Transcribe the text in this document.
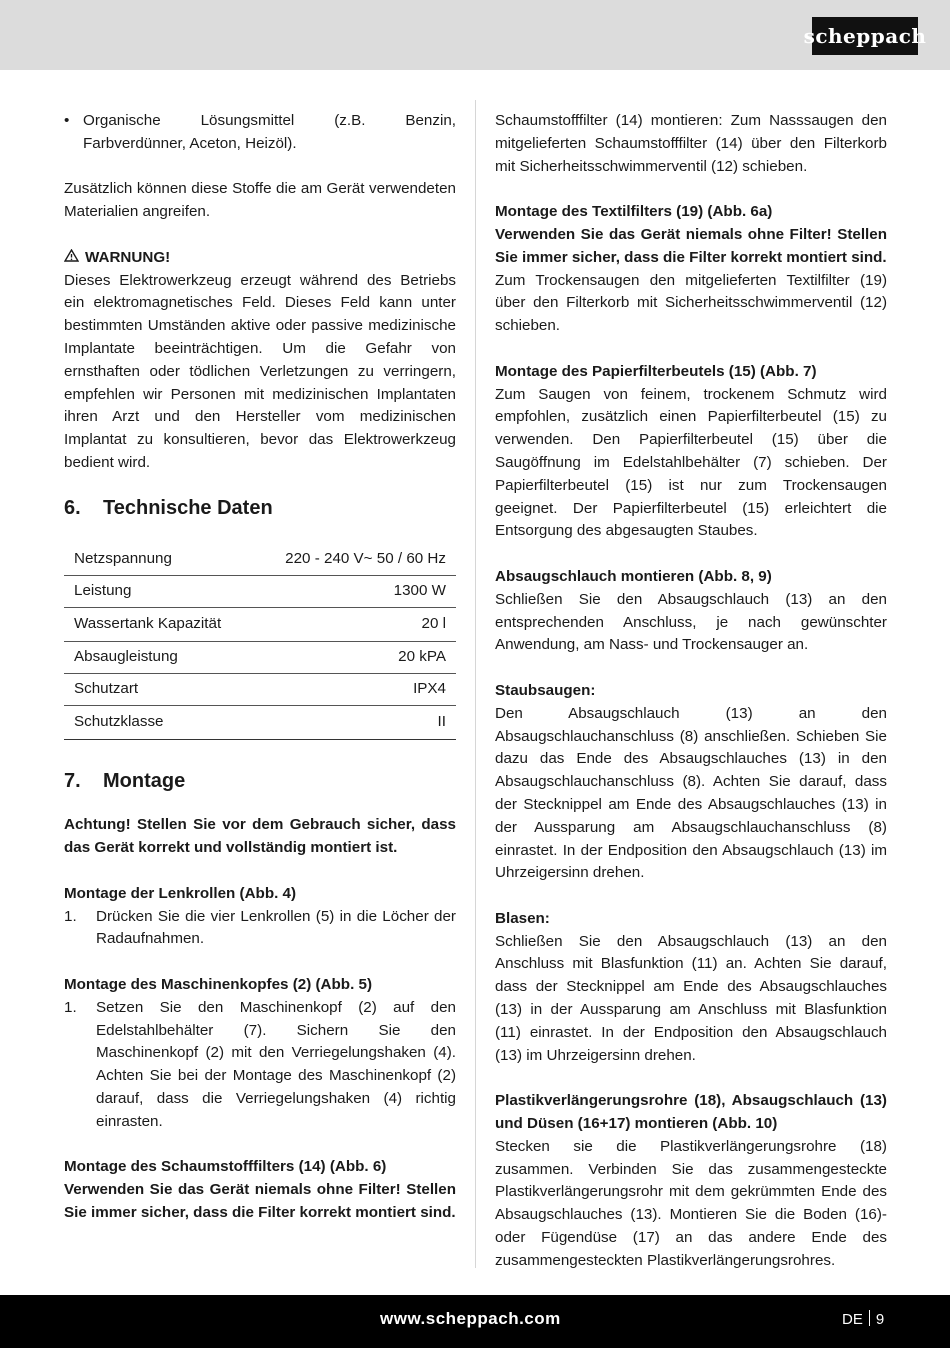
scheppach
• Organische Lösungsmittel (z.B. Benzin, Farbverdünner, Aceton, Heizöl).

Zusätzlich können diese Stoffe die am Gerät verwendeten Materialien angreifen.

WARNUNG!

Dieses Elektrowerkzeug erzeugt während des Betriebs ein elektromagnetisches Feld. Dieses Feld kann unter bestimmten Umständen aktive oder passive medizinische Implantate beeinträchtigen. Um die Gefahr von ernsthaften oder tödlichen Verletzungen zu verringern, empfehlen wir Personen mit medizinischen Implantaten ihren Arzt und den Hersteller vom medizinischen Implantat zu konsultieren, bevor das Elektrowerkzeug bedient wird.

6.	Technische Daten
Netzspannung	220 - 240 V~ 50 / 60 Hz
Leistung	1300 W
Wassertank Kapazität	20 l
Absaugleistung	20 kPA
Schutzart	IPX4
Schutzklasse	II
7.	Montage

Achtung! Stellen Sie vor dem Gebrauch sicher, dass das Gerät korrekt und vollständig montiert ist.

Montage der Lenkrollen (Abb. 4)

1.	Drücken Sie die vier Lenkrollen (5) in die Löcher der Radaufnahmen.

Montage des Maschinenkopfes (2) (Abb. 5)

1.	Setzen Sie den Maschinenkopf (2) auf den Edelstahlbehälter (7). Sichern Sie den Maschinenkopf (2) mit den Verriegelungshaken (4). Achten Sie bei der Montage des Maschinenkopf (2) darauf, dass die Verriegelungshaken (4) richtig einrasten.

Montage des Schaumstofffilters (14) (Abb. 6)

Verwenden Sie das Gerät niemals ohne Filter! Stellen Sie immer sicher, dass die Filter korrekt montiert sind.

Schaumstofffilter (14) montieren: Zum Nasssaugen den mitgelieferten Schaumstofffilter (14) über den Filterkorb mit Sicherheitsschwimmerventil (12) schieben.

Montage des Textilfilters (19) (Abb. 6a)

Verwenden Sie das Gerät niemals ohne Filter! Stellen Sie immer sicher, dass die Filter korrekt montiert sind.

Zum Trockensaugen den mitgelieferten Textilfilter (19) über den Filterkorb mit Sicherheitsschwimmerventil (12) schieben.

Montage des Papierfilterbeutels (15) (Abb. 7)

Zum Saugen von feinem, trockenem Schmutz wird empfohlen, zusätzlich einen Papierfilterbeutel (15) zu verwenden. Den Papierfilterbeutel (15) über die Saugöffnung im Edelstahlbehälter (7) schieben. Der Papierfilterbeutel (15) ist nur zum Trockensaugen geeignet. Der Papierfilterbeutel (15) erleichtert die Entsorgung des abgesaugten Staubes.

Absaugschlauch montieren (Abb. 8, 9)

Schließen Sie den Absaugschlauch (13) an den entsprechenden Anschluss, je nach gewünschter Anwendung, am Nass- und Trockensauger an.

Staubsaugen:

Den Absaugschlauch (13) an den Absaugschlauchanschluss (8) anschließen. Schieben Sie dazu das Ende des Absaugschlauches (13) in den Absaugschlauchanschluss (8). Achten Sie darauf, dass der Stecknippel am Ende des Absaugschlauches (13) in der Aussparung am Absaugschlauchanschluss (8) einrastet. In der Endposition den Absaugschlauch (13) im Uhrzeigersinn drehen.

Blasen:

Schließen Sie den Absaugschlauch (13) an den Anschluss mit Blasfunktion (11) an. Achten Sie darauf, dass der Stecknippel am Ende des Absaugschlauches (13) in der Aussparung am Anschluss mit Blasfunktion (11) einrastet. In der Endposition den Absaugschlauch (13) im Uhrzeigersinn drehen.

Plastikverlängerungsrohre (18), Absaugschlauch (13) und Düsen (16+17) montieren (Abb. 10)

Stecken sie die Plastikverlängerungsrohre (18) zusammen. Verbinden Sie das zusammengesteckte Plastikverlängerungsrohr mit dem gekrümmten Ende des Absaugschlauches (13). Montieren Sie die Boden (16)- oder Fügendüse (17) an das andere Ende des zusammengesteckten Plastikverlängerungsrohres.

www.scheppach.com	DE 9
